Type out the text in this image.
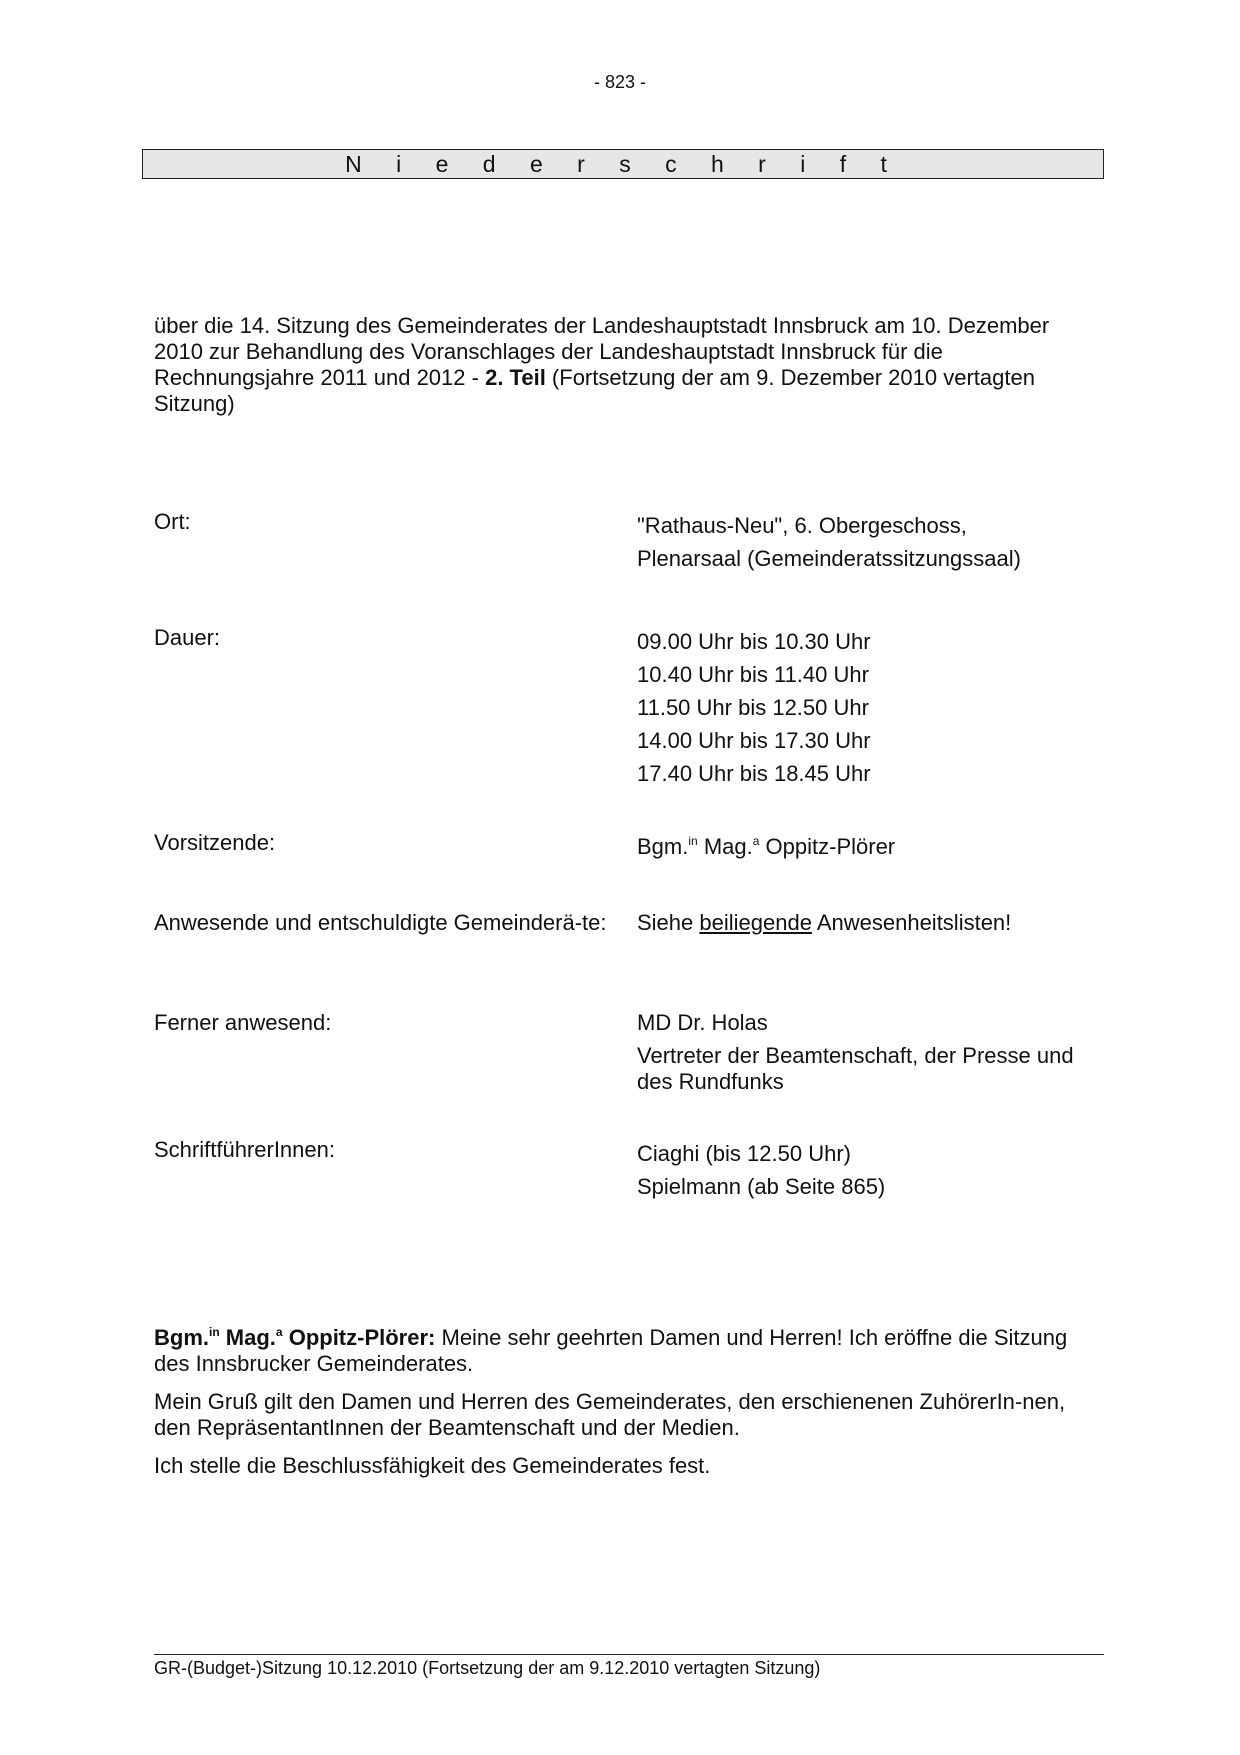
- 823 -
N i e d e r s c h r i f t

über die 14. Sitzung des Gemeinderates der Landeshauptstadt Innsbruck am 10. Dezember 2010 zur Behandlung des Voranschlages der Landeshauptstadt Innsbruck für die Rechnungsjahre 2011 und 2012 - 2. Teil (Fortsetzung der am 9. Dezember 2010 vertagten Sitzung)

Ort:	"Rathaus-Neu", 6. Obergeschoss,
Plenarsaal (Gemeinderatssitzungssaal)
Dauer:	09.00 Uhr bis 10.30 Uhr
10.40 Uhr bis 11.40 Uhr
11.50 Uhr bis 12.50 Uhr
14.00 Uhr bis 17.30 Uhr
17.40 Uhr bis 18.45 Uhr
Vorsitzende:	Bgm.$^{in}$ Mag.$^a$ Oppitz-Plörer
Anwesende und entschuldigte Gemeinderä-te: Siehe beiliegende Anwesenheitslisten!
Ferner anwesend:	MD Dr. Holas
Vertreter der Beamtenschaft, der Presse und des Rundfunks
SchriftführerInnen:	Ciaghi (bis 12.50 Uhr)
Spielmann (ab Seite 865)

Bgm.$^{in}$ Mag.$^a$ Oppitz-Plörer: Meine sehr geehrten Damen und Herren! Ich eröffne die Sitzung des Innsbrucker Gemeinderates.

Mein Gruß gilt den Damen und Herren des Gemeinderates, den erschienenen ZuhörerIn-nen, den RepräsentantInnen der Beamtenschaft und der Medien.

Ich stelle die Beschlussfähigkeit des Gemeinderates fest.

GR-(Budget-)Sitzung 10.12.2010 (Fortsetzung der am 9.12.2010 vertagten Sitzung)
